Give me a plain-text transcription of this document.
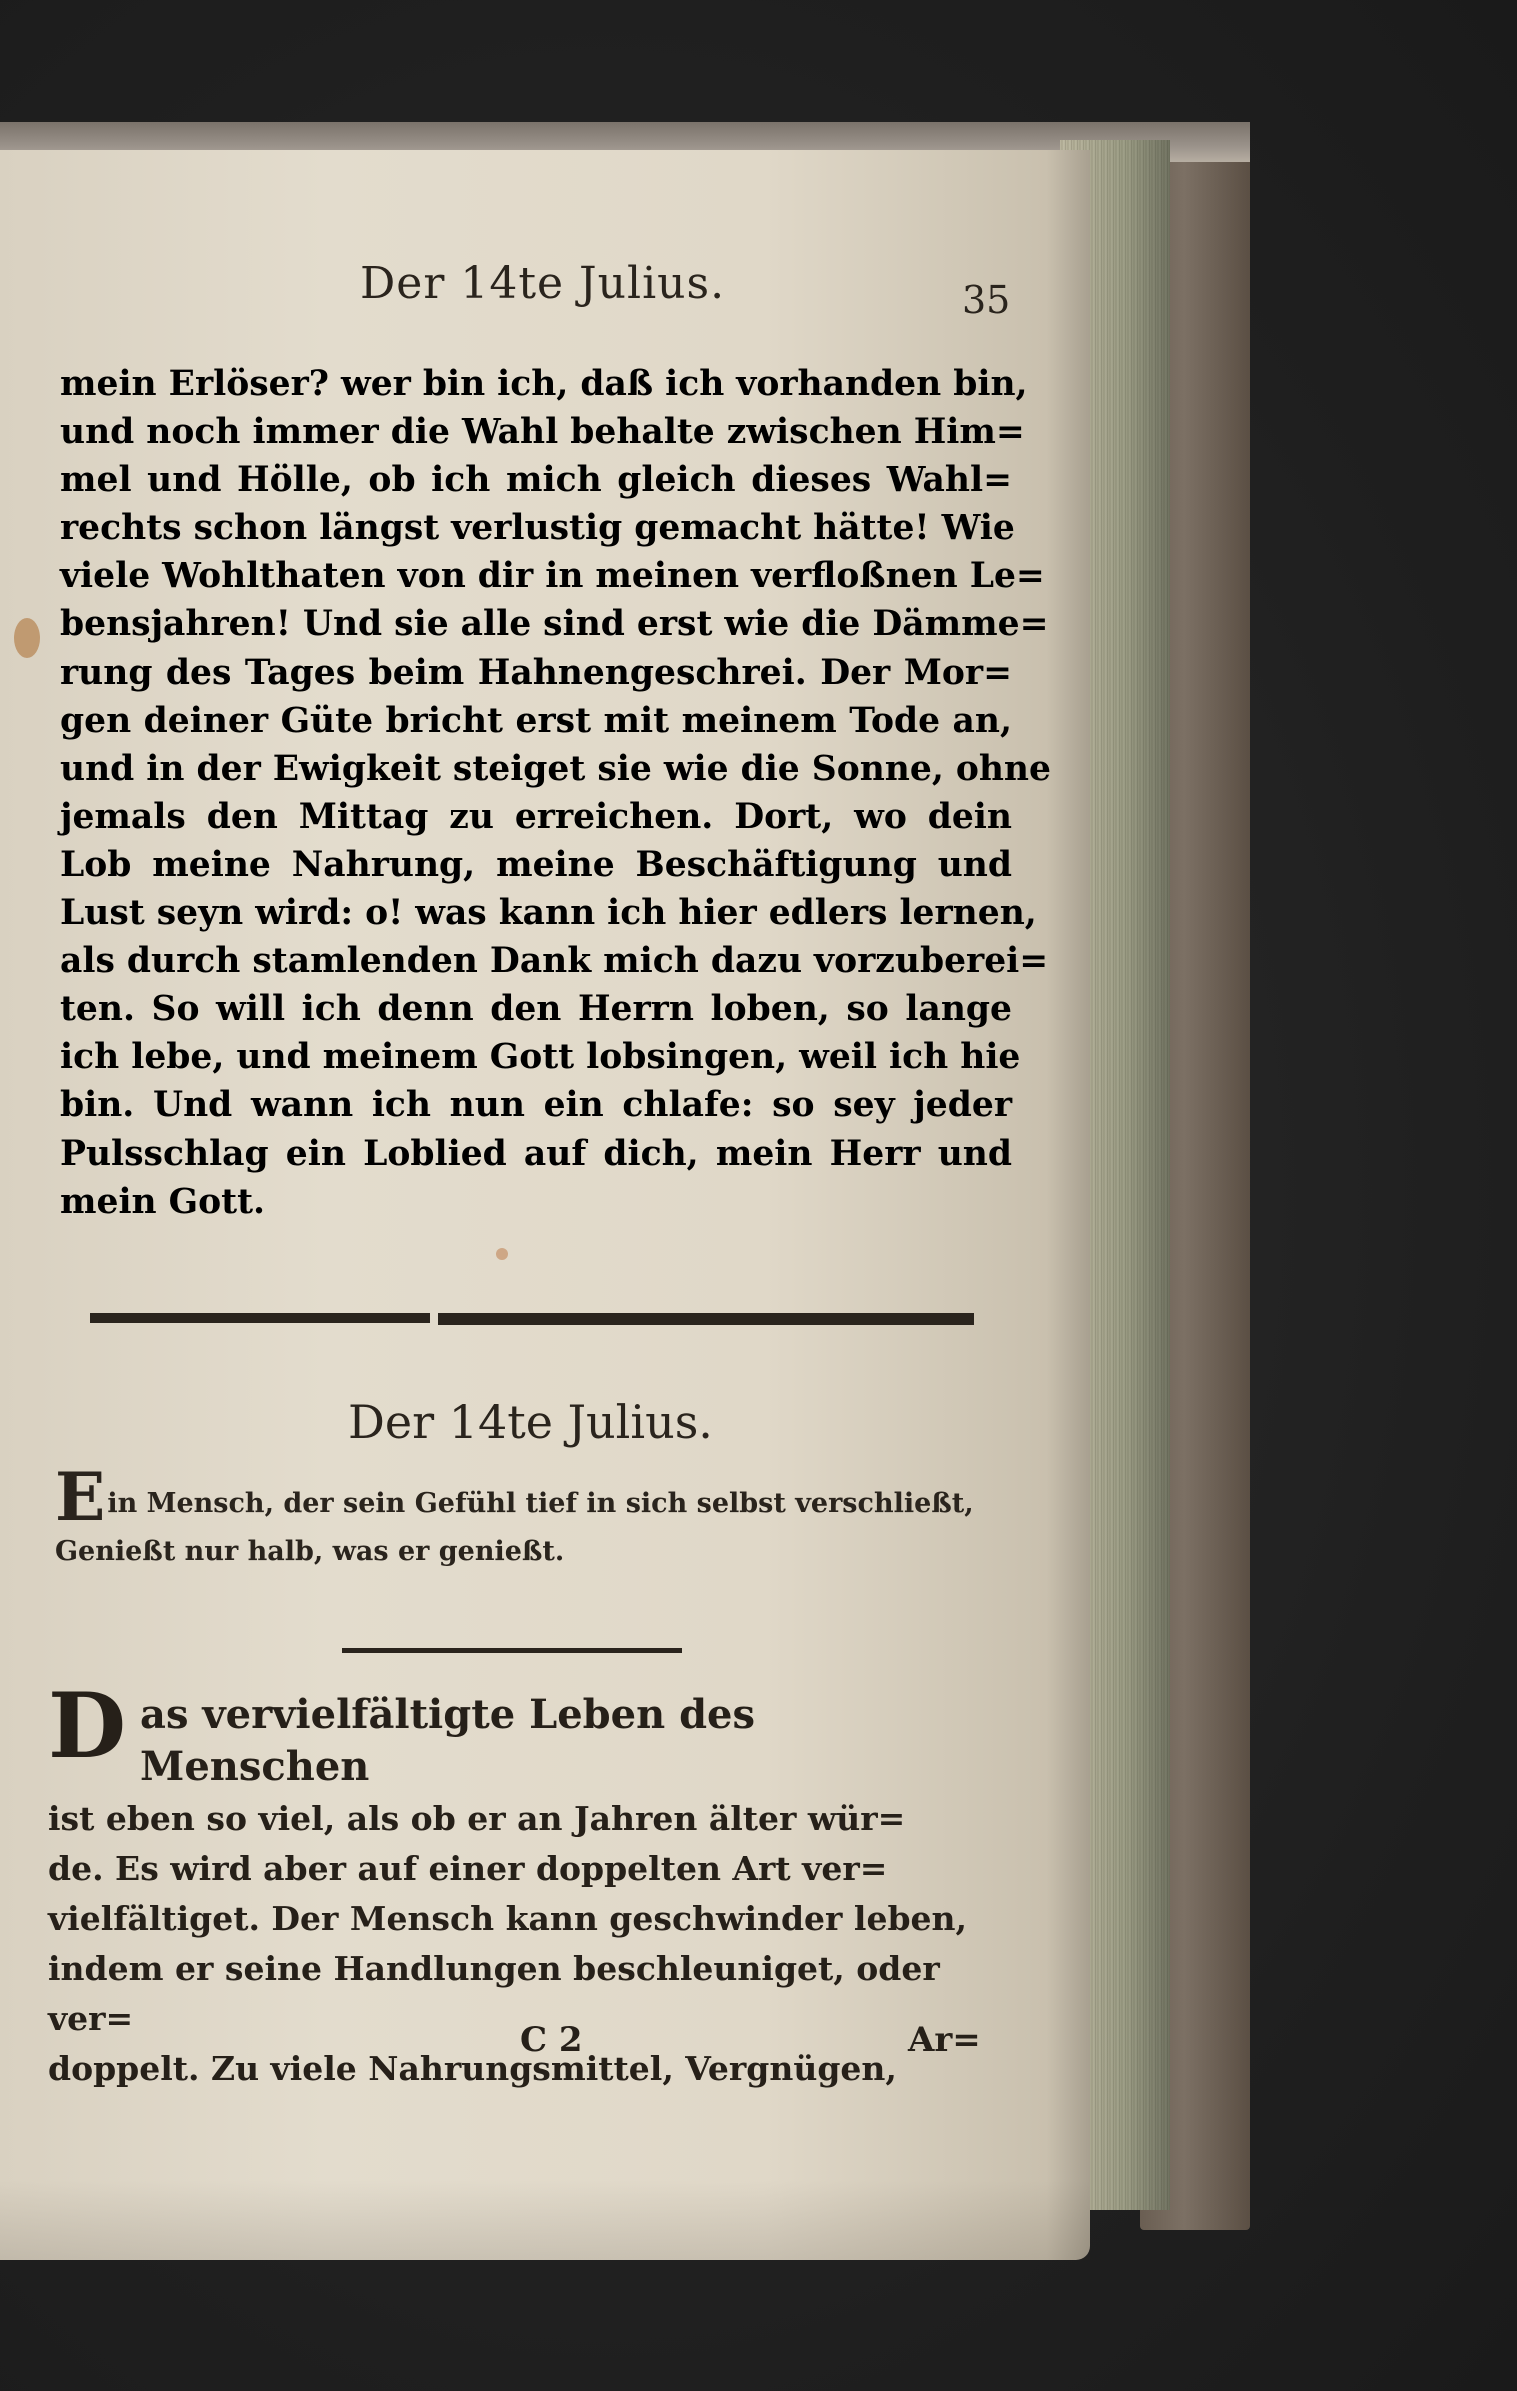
Der 14te Julius.	35
mein Erlöser? wer bin ich, daß ich vorhanden bin,
und noch immer die Wahl behalte zwischen Him=
mel und Hölle, ob ich mich gleich dieses Wahl=
rechts schon längst verlustig gemacht hätte! Wie
viele Wohlthaten von dir in meinen verfloßnen Le=
bensjahren! Und sie alle sind erst wie die Dämme=
rung des Tages beim Hahnengeschrei. Der Mor=
gen deiner Güte bricht erst mit meinem Tode an,
und in der Ewigkeit steiget sie wie die Sonne, ohne
jemals den Mittag zu erreichen. Dort, wo dein
Lob meine Nahrung, meine Beschäftigung und
Lust seyn wird: o! was kann ich hier edlers lernen,
als durch stamlenden Dank mich dazu vorzuberei=
ten. So will ich denn den Herrn loben, so lange
ich lebe, und meinem Gott lobsingen, weil ich hie
bin. Und wann ich nun ein chlafe: so sey jeder
Pulsschlag ein Loblied auf dich, mein Herr und
mein Gott.
Der 14te Julius.
Ein Mensch, der sein Gefühl tief in sich selbst verschließt,
Genießt nur halb, was er genießt.
D as vervielfältigte Leben des Menschen
ist eben so viel, als ob er an Jahren älter wür=
de. Es wird aber auf einer doppelten Art ver=
vielfältiget. Der Mensch kann geschwinder leben,
indem er seine Handlungen beschleuniget, oder ver=
doppelt. Zu viele Nahrungsmittel, Vergnügen,
C 2	Ar=
